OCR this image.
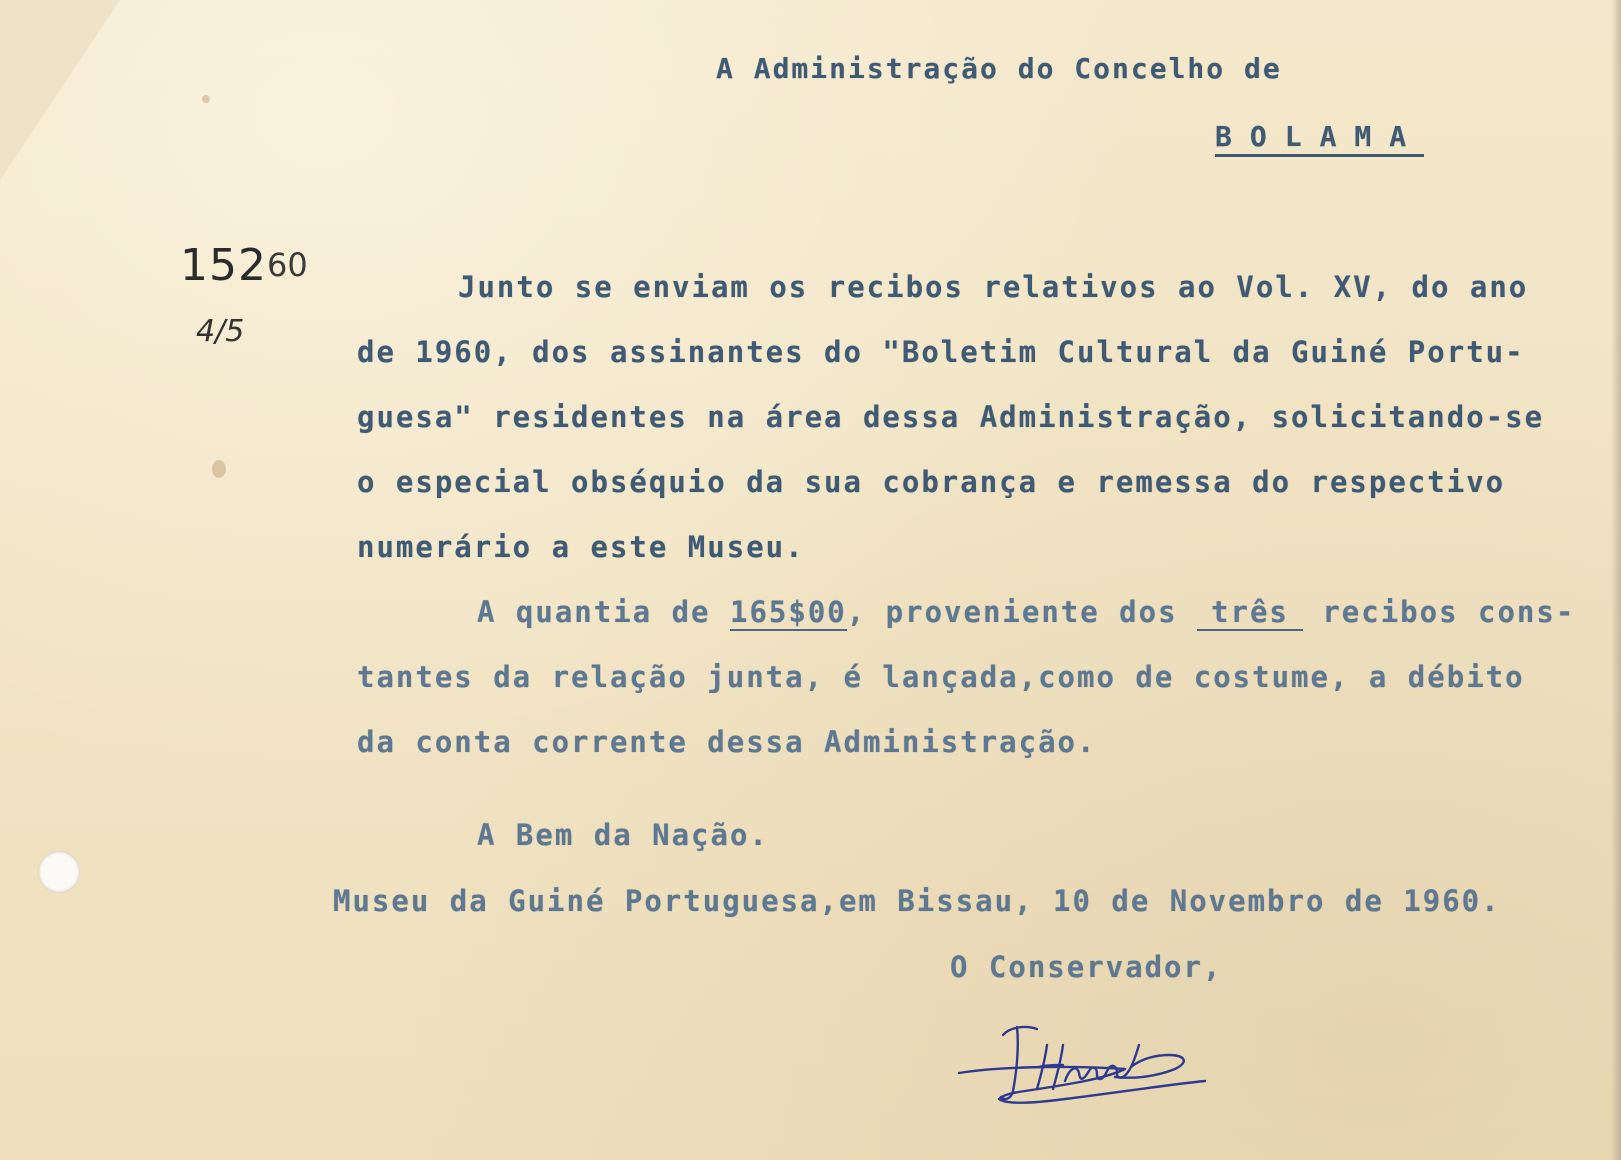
A Administração do Concelho de
BOLAMA
15260
4/5
Junto se enviam os recibos relativos ao Vol. XV, do ano
de 1960, dos assinantes do "Boletim Cultural da Guiné Portu-
guesa" residentes na área dessa Administração, solicitando-se
o especial obséquio da sua cobrança e remessa do respectivo
numerário a este Museu.
A quantia de 165$00, proveniente dos três recibos cons-
tantes da relação junta, é lançada,como de costume, a débito
da conta corrente dessa Administração.
A Bem da Nação.
Museu da Guiné Portuguesa,em Bissau, 10 de Novembro de 1960.
O Conservador,
